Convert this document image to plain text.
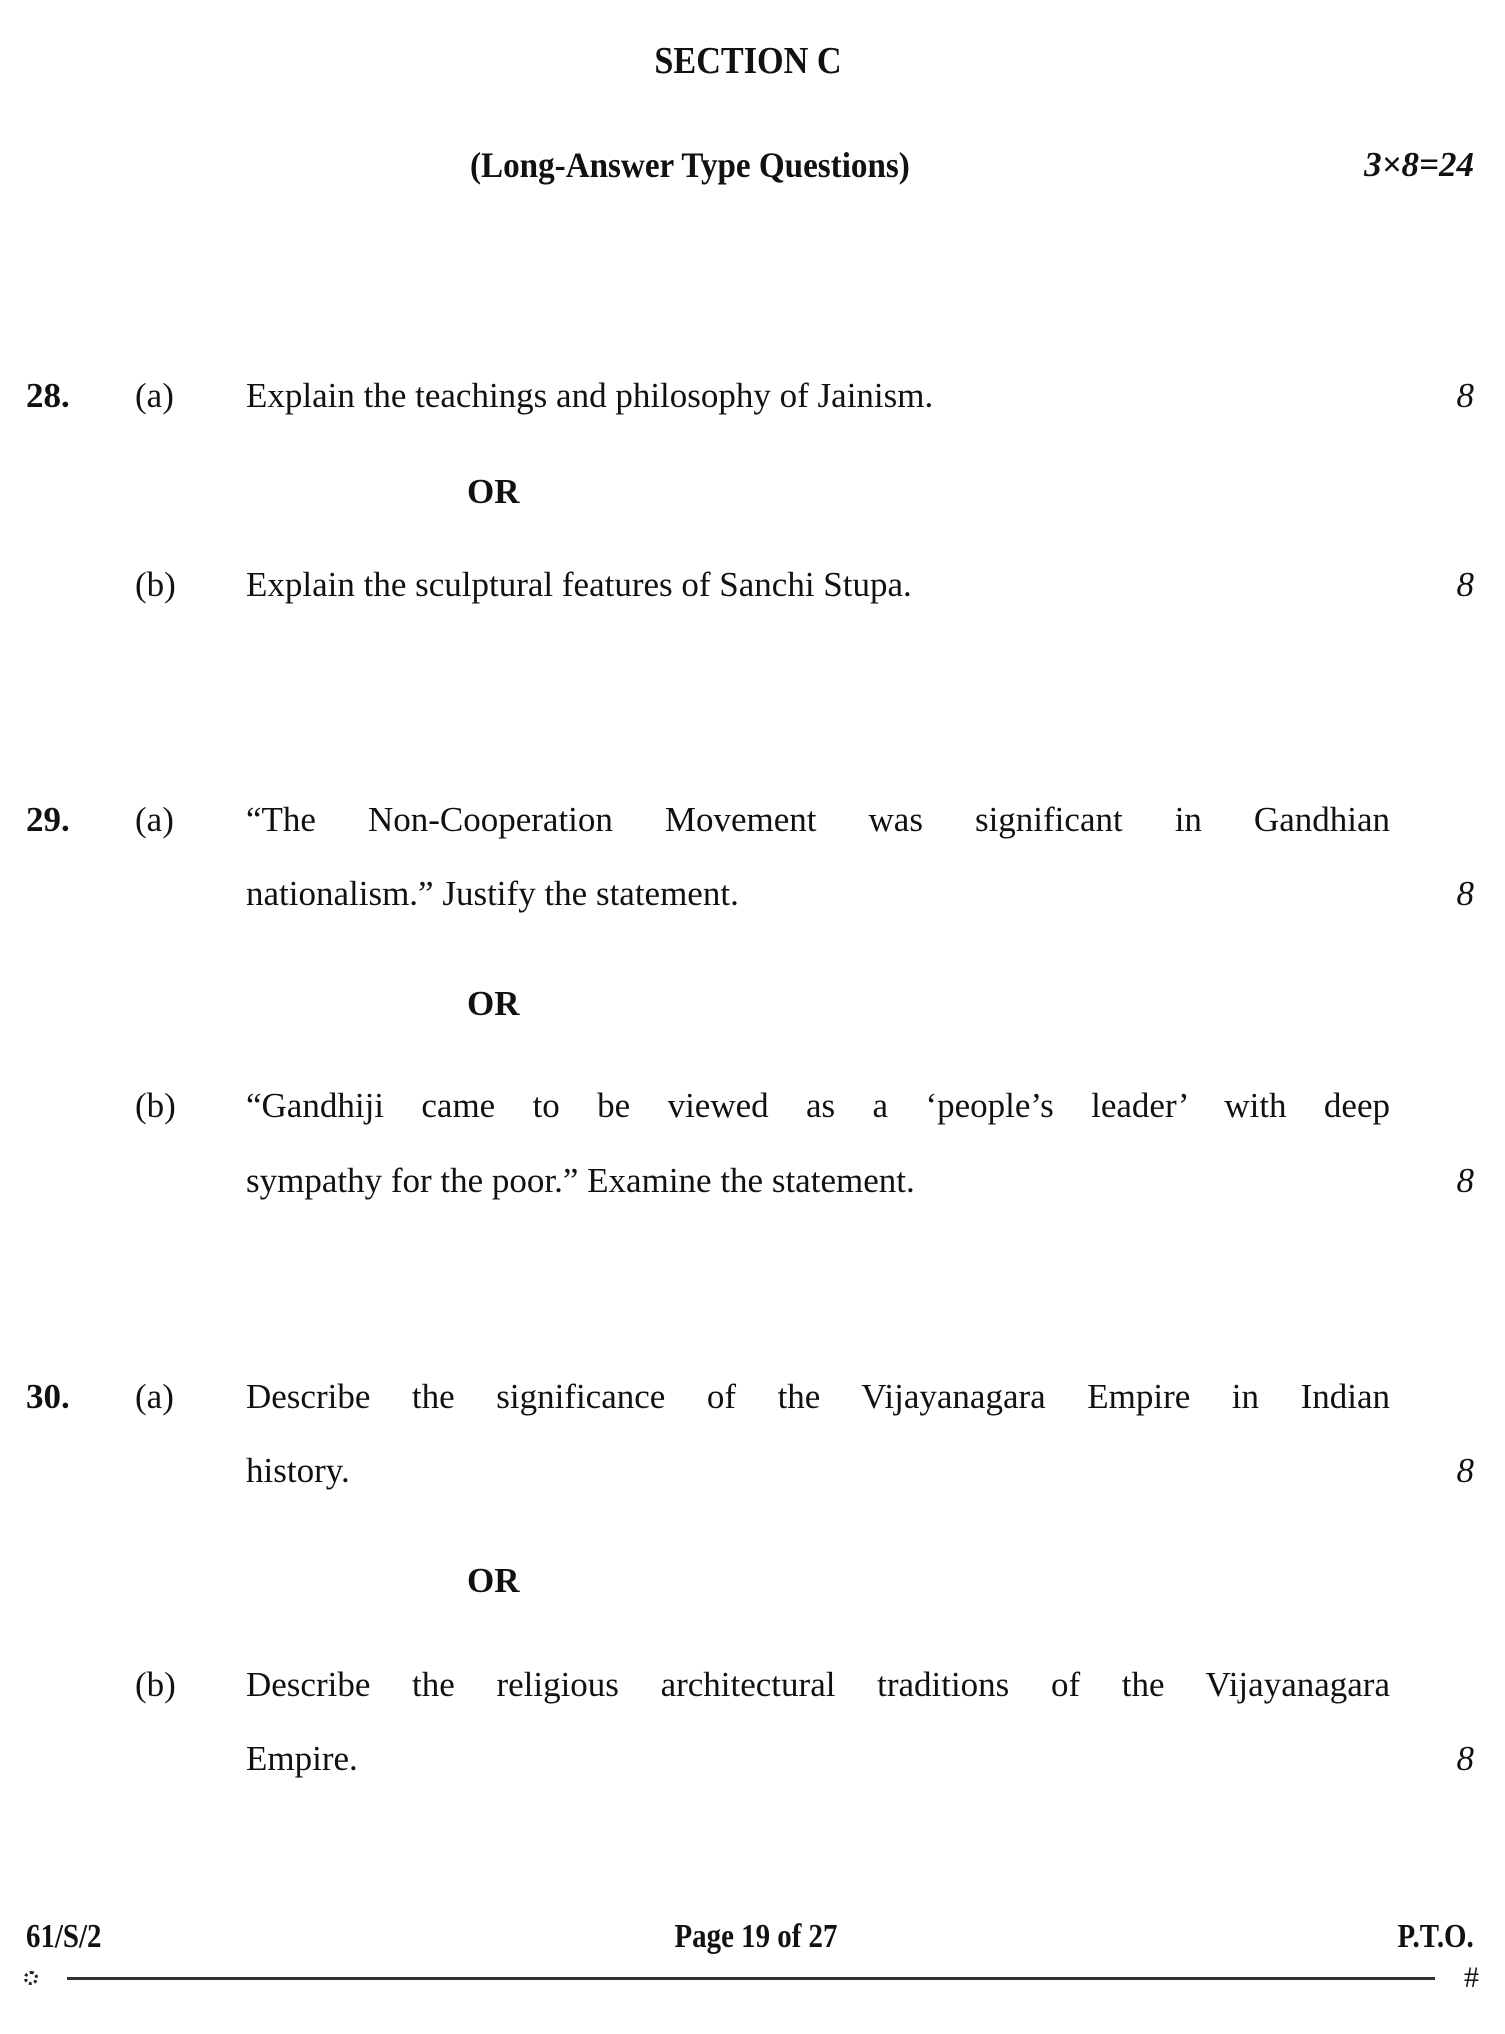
SECTION C
(Long-Answer Type Questions)	3×8=24
28. (a) Explain the teachings and philosophy of Jainism.	8
OR
(b) Explain the sculptural features of Sanchi Stupa.	8
29. (a) “The Non-Cooperation Movement was significant in Gandhian
nationalism.” Justify the statement.	8
OR
(b) “Gandhiji came to be viewed as a ‘people’s leader’ with deep
sympathy for the poor.” Examine the statement.	8
30. (a) Describe the significance of the Vijayanagara Empire in Indian
history.	8
OR
(b) Describe the religious architectural traditions of the Vijayanagara
Empire.	8
61/S/2	Page 19 of 27	P.T.O.
#
